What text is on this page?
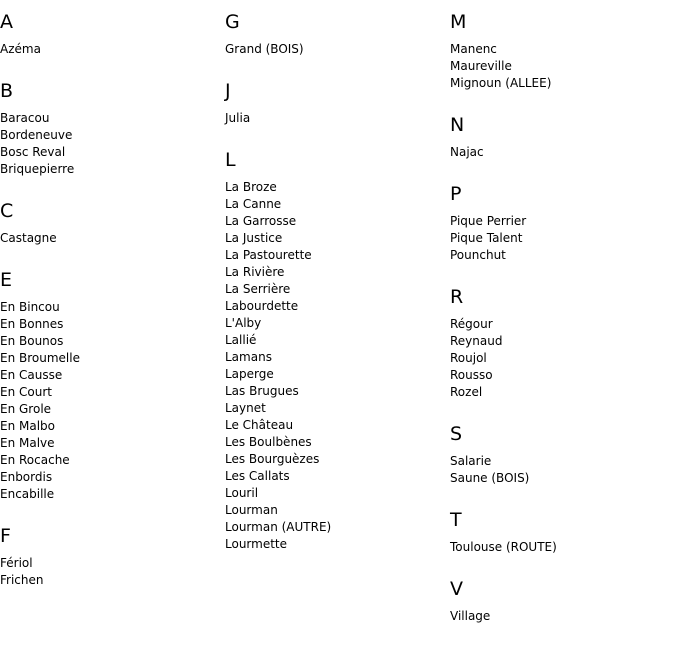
A
Azéma
B
Baracou
Bordeneuve
Bosc Reval
Briquepierre
C
Castagne
E
En Bincou
En Bonnes
En Bounos
En Broumelle
En Causse
En Court
En Grole
En Malbo
En Malve
En Rocache
Enbordis
Encabille
F
Fériol
Frichen
G
Grand (BOIS)
J
Julia
L
La Broze
La Canne
La Garrosse
La Justice
La Pastourette
La Rivière
La Serrière
Labourdette
L'Alby
Lallié
Lamans
Laperge
Las Brugues
Laynet
Le Château
Les Boulbènes
Les Bourguèzes
Les Callats
Louril
Lourman
Lourman (AUTRE)
Lourmette
M
Manenc
Maureville
Mignoun (ALLEE)
N
Najac
P
Pique Perrier
Pique Talent
Pounchut
R
Régour
Reynaud
Roujol
Rousso
Rozel
S
Salarie
Saune (BOIS)
T
Toulouse (ROUTE)
V
Village
